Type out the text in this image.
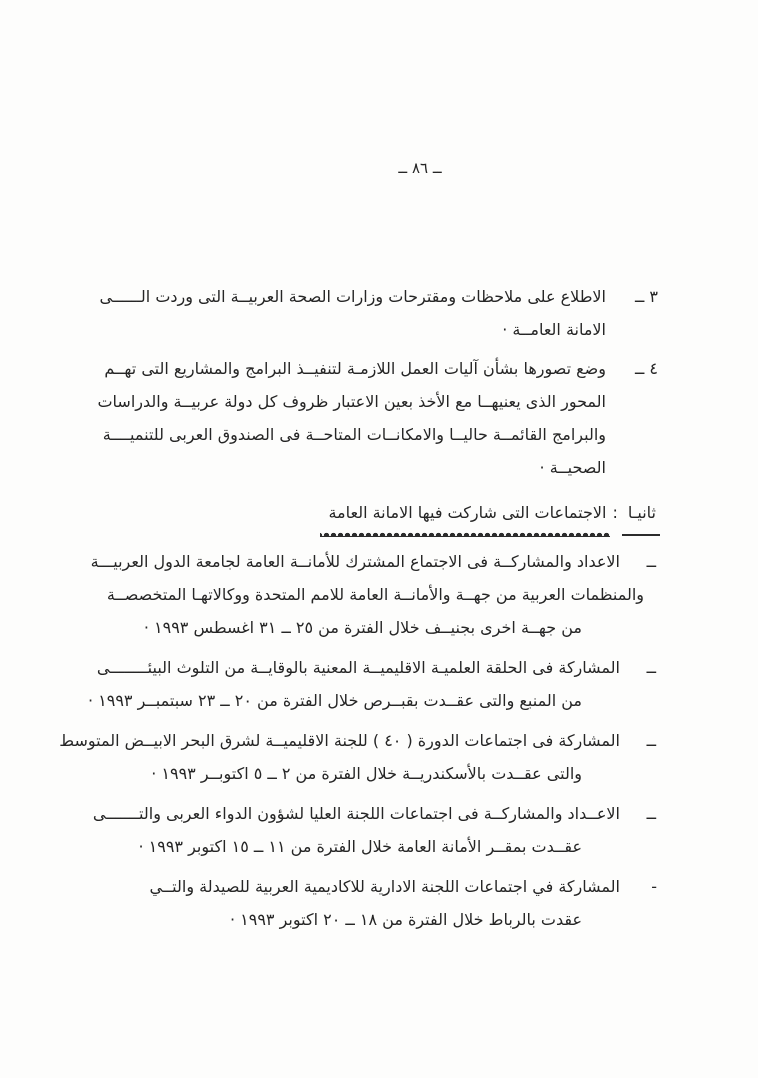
ــ ٨٦ ــ
٣ ــ
الاطلاع على ملاحظات ومقترحات وزارات الصحة العربيــة التى وردت الــــــى
الامانة العامــة ·
٤ ــ
وضع تصورها بشأن آليات العمل اللازمـة لتنفيــذ البرامج والمشاريع التى تهــم
المحور الذى يعنيهــا مع الأخذ بعين الاعتبار ظروف كل دولة عربيــة والدراسات
والبرامج القائمــة حاليــا والامكانــات المتاحــة فى الصندوق العربى للتنميــــة
الصحيــة ·
ثانيـا:الاجتماعات التى شاركت فيها الامانة العامة
ــ
الاعداد والمشاركــة فى الاجتماع المشترك للأمانــة العامة لجامعة الدول العربيـــة
والمنظمات العربية من جهــة والأمانــة العامة للامم المتحدة ووكالاتهـا المتخصصــة
من جهــة اخرى بجنيــف خلال الفترة من ٢٥ ــ ٣١ اغسطس ١٩٩٣ ·
ــ
المشاركة فى الحلقة العلميـة الاقليميــة المعنية بالوقايــة من التلوث البيئــــــــى
من المنبع والتى عقــدت بقبــرص خلال الفترة من ٢٠ ــ ٢٣ سبتمبــر ١٩٩٣ ·
ــ
المشاركة فى اجتماعات الدورة ( ٤٠ ) للجنة الاقليميــة لشرق البحر الابيــض المتوسط
والتى عقــدت بالأسكندريــة خلال الفترة من ٢ ــ ٥ اكتوبــر ١٩٩٣ ·
ــ
الاعــداد والمشاركــة فى اجتماعات اللجنة العليا لشؤون الدواء العربى والتـــــــى
عقــدت بمقــر الأمانة العامة خلال الفترة من ١١ ــ ١٥ اكتوبر ١٩٩٣ ·
-
المشاركة في اجتماعات اللجنة الادارية للاكاديمية العربية للصيدلة والتــي
عقدت بالرباط خلال الفترة من ١٨ ــ ٢٠ اكتوبر ١٩٩٣ ·
